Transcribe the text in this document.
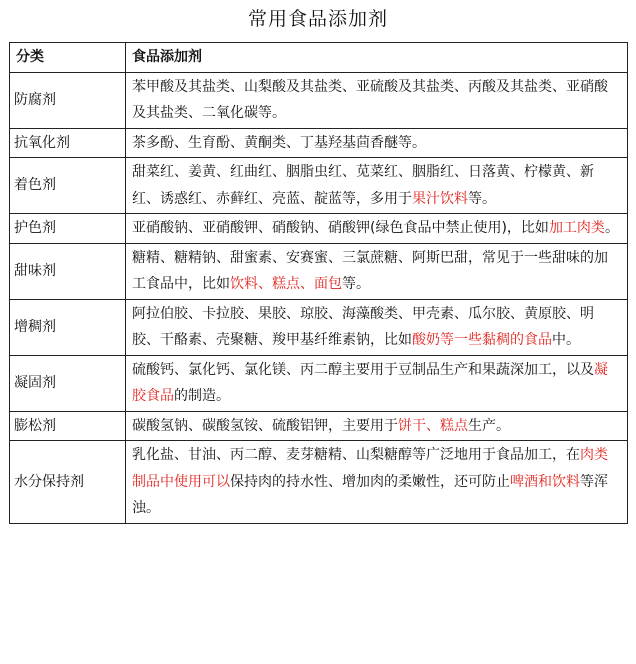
常用食品添加剂
分类	食品添加剂
防腐剂	苯甲酸及其盐类、山梨酸及其盐类、亚硫酸及其盐类、丙酸及其盐类、亚硝酸及其盐类、二氧化碳等。
抗氧化剂	茶多酚、生育酚、黄酮类、丁基羟基茴香醚等。
着色剂	甜菜红、姜黄、红曲红、胭脂虫红、苋菜红、胭脂红、日落黄、柠檬黄、新红、诱惑红、赤藓红、亮蓝、靛蓝等，多用于果汁饮料等。
护色剂	亚硝酸钠、亚硝酸钾、硝酸钠、硝酸钾(绿色食品中禁止使用)，比如加工肉类。
甜味剂	糖精、糖精钠、甜蜜素、安赛蜜、三氯蔗糖、阿斯巴甜，常见于一些甜味的加工食品中，比如饮料、糕点、面包等。
增稠剂	阿拉伯胶、卡拉胶、果胶、琼胶、海藻酸类、甲壳素、瓜尔胶、黄原胶、明胶、干酪素、壳聚糖、羧甲基纤维素钠，比如酸奶等一些黏稠的食品中。
凝固剂	硫酸钙、氯化钙、氯化镁、丙二醇主要用于豆制品生产和果蔬深加工，以及凝胶食品的制造。
膨松剂	碳酸氢钠、碳酸氢铵、硫酸铝钾，主要用于饼干、糕点生产。
水分保持剂	乳化盐、甘油、丙二醇、麦芽糖精、山梨糖醇等广泛地用于食品加工，在肉类制品中使用可以保持肉的持水性、增加肉的柔嫩性，还可防止啤酒和饮料等浑浊。
